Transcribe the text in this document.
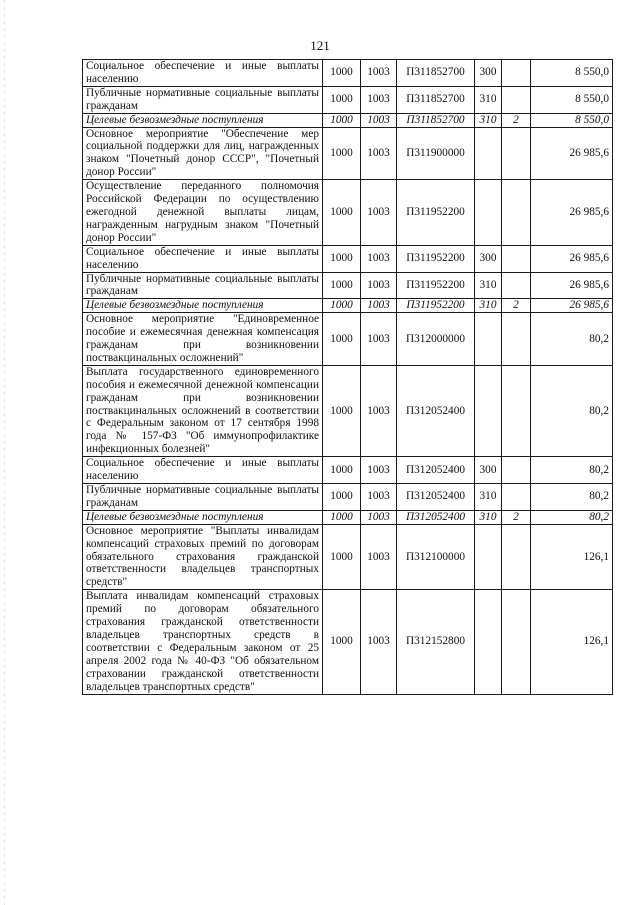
121
Социальное обеспечение и иные выплаты населению	1000	1003	П311852700	300		8 550,0
Публичные нормативные социальные выплаты гражданам	1000	1003	П311852700	310		8 550,0
Целевые безвозмездные поступления	1000	1003	П311852700	310	2	8 550,0
Основное мероприятие "Обеспечение мер социальной поддержки для лиц, награжденных знаком "Почетный донор СССР", "Почетный донор России"	1000	1003	П311900000			26 985,6
Осуществление переданного полномочия Российской Федерации по осуществлению ежегодной денежной выплаты лицам, награжденным нагрудным знаком "Почетный донор России"	1000	1003	П311952200			26 985,6
Социальное обеспечение и иные выплаты населению	1000	1003	П311952200	300		26 985,6
Публичные нормативные социальные выплаты гражданам	1000	1003	П311952200	310		26 985,6
Целевые безвозмездные поступления	1000	1003	П311952200	310	2	26 985,6
Основное мероприятие "Единовременное пособие и ежемесячная денежная компенсация гражданам при возникновении поствакцинальных осложнений"	1000	1003	П312000000			80,2
Выплата государственного единовременного пособия и ежемесячной денежной компенсации гражданам при возникновении поствакцинальных осложнений в соответствии с Федеральным законом от 17 сентября 1998 года № 157-ФЗ "Об иммунопрофилактике инфекционных болезней"	1000	1003	П312052400			80,2
Социальное обеспечение и иные выплаты населению	1000	1003	П312052400	300		80,2
Публичные нормативные социальные выплаты гражданам	1000	1003	П312052400	310		80,2
Целевые безвозмездные поступления	1000	1003	П312052400	310	2	80,2
Основное мероприятие "Выплаты инвалидам компенсаций страховых премий по договорам обязательного страхования гражданской ответственности владельцев транспортных средств"	1000	1003	П312100000			126,1
Выплата инвалидам компенсаций страховых премий по договорам обязательного страхования гражданской ответственности владельцев транспортных средств в соответствии с Федеральным законом от 25 апреля 2002 года № 40-ФЗ "Об обязательном страховании гражданской ответственности владельцев транспортных средств"	1000	1003	П312152800			126,1
